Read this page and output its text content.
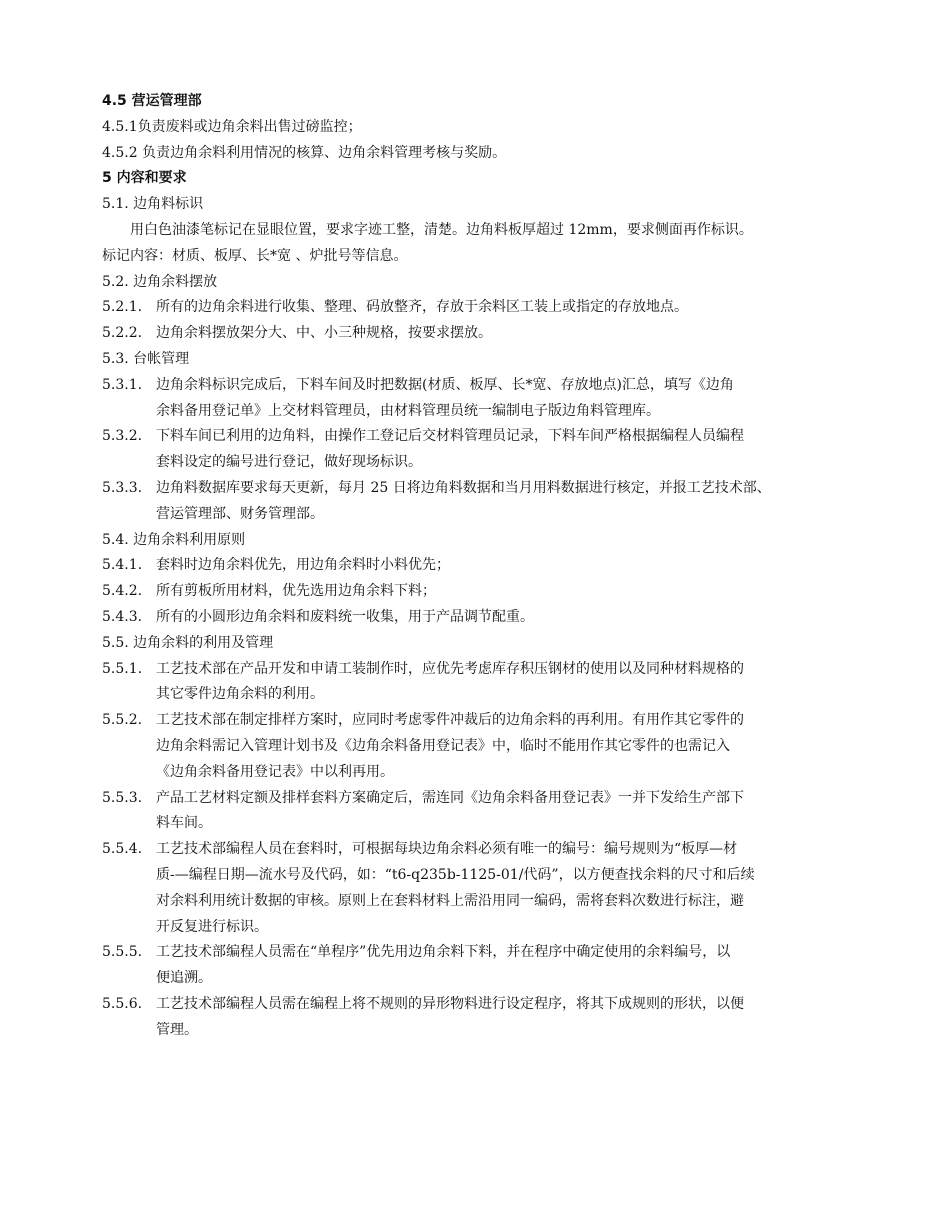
4.5 营运管理部

4.5.1负责废料或边角余料出售过磅监控；

4.5.2 负责边角余料利用情况的核算、边角余料管理考核与奖励。

5 内容和要求

5.1. 边角料标识

用白色油漆笔标记在显眼位置，要求字迹工整，清楚。边角料板厚超过 12mm，要求侧面再作标识。

标记内容：材质、板厚、长*宽 、炉批号等信息。

5.2. 边角余料摆放

5.2.1. 所有的边角余料进行收集、整理、码放整齐，存放于余料区工装上或指定的存放地点。
5.2.2. 边角余料摆放架分大、中、小三种规格，按要求摆放。

5.3. 台帐管理

5.3.1. 边角余料标识完成后，下料车间及时把数据(材质、板厚、长*宽、存放地点)汇总，填写《边角
余料备用登记单》上交材料管理员，由材料管理员统一编制电子版边角料管理库。
5.3.2. 下料车间已利用的边角料，由操作工登记后交材料管理员记录，下料车间严格根据编程人员编程
套料设定的编号进行登记，做好现场标识。
5.3.3. 边角料数据库要求每天更新，每月 25 日将边角料数据和当月用料数据进行核定，并报工艺技术部、
营运管理部、财务管理部。

5.4. 边角余料利用原则

5.4.1. 套料时边角余料优先，用边角余料时小料优先；
5.4.2. 所有剪板所用材料，优先选用边角余料下料；
5.4.3. 所有的小圆形边角余料和废料统一收集，用于产品调节配重。

5.5. 边角余料的利用及管理

5.5.1. 工艺技术部在产品开发和申请工装制作时，应优先考虑库存积压钢材的使用以及同种材料规格的
其它零件边角余料的利用。
5.5.2. 工艺技术部在制定排样方案时，应同时考虑零件冲裁后的边角余料的再利用。有用作其它零件的
边角余料需记入管理计划书及《边角余料备用登记表》中，临时不能用作其它零件的也需记入
《边角余料备用登记表》中以利再用。
5.5.3. 产品工艺材料定额及排样套料方案确定后，需连同《边角余料备用登记表》一并下发给生产部下
料车间。
5.5.4. 工艺技术部编程人员在套料时，可根据每块边角余料必须有唯一的编号：编号规则为“板厚—材
质-—编程日期—流水号及代码，如：“t6-q235b-1125-01/代码”，以方便查找余料的尺寸和后续
对余料利用统计数据的审核。原则上在套料材料上需沿用同一编码，需将套料次数进行标注，避
开反复进行标识。
5.5.5. 工艺技术部编程人员需在“单程序”优先用边角余料下料，并在程序中确定使用的余料编号，以
便追溯。
5.5.6. 工艺技术部编程人员需在编程上将不规则的异形物料进行设定程序，将其下成规则的形状，以便
管理。
